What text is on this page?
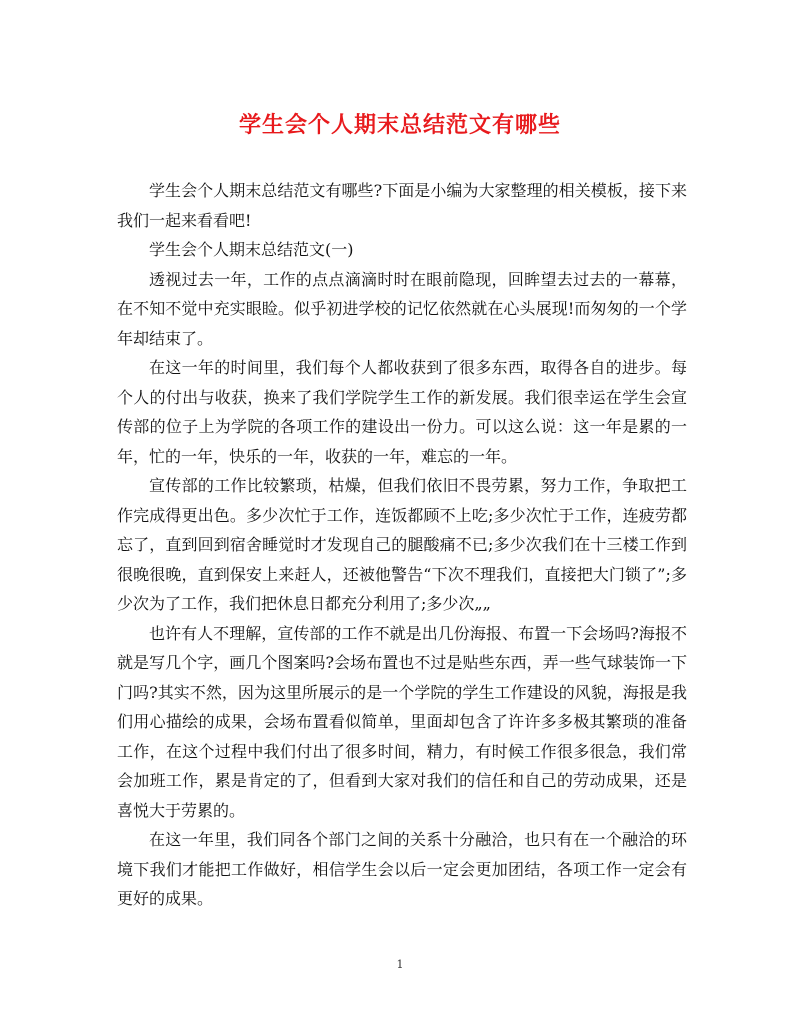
学生会个人期末总结范文有哪些

学生会个人期末总结范文有哪些?下面是小编为大家整理的相关模板，接下来我们一起来看看吧!

学生会个人期末总结范文(一)

透视过去一年，工作的点点滴滴时时在眼前隐现，回眸望去过去的一幕幕，在不知不觉中充实眼睑。似乎初进学校的记忆依然就在心头展现!而匆匆的一个学年却结束了。

在这一年的时间里，我们每个人都收获到了很多东西，取得各自的进步。每个人的付出与收获，换来了我们学院学生工作的新发展。我们很幸运在学生会宣传部的位子上为学院的各项工作的建设出一份力。可以这么说：这一年是累的一年，忙的一年，快乐的一年，收获的一年，难忘的一年。

宣传部的工作比较繁琐，枯燥，但我们依旧不畏劳累，努力工作，争取把工作完成得更出色。多少次忙于工作，连饭都顾不上吃;多少次忙于工作，连疲劳都忘了，直到回到宿舍睡觉时才发现自己的腿酸痛不已;多少次我们在十三楼工作到很晚很晚，直到保安上来赶人，还被他警告“下次不理我们，直接把大门锁了”;多少次为了工作，我们把休息日都充分利用了;多少次„„

也许有人不理解，宣传部的工作不就是出几份海报、布置一下会场吗?海报不就是写几个字，画几个图案吗?会场布置也不过是贴些东西，弄一些气球装饰一下门吗?其实不然，因为这里所展示的是一个学院的学生工作建设的风貌，海报是我们用心描绘的成果，会场布置看似简单，里面却包含了许许多多极其繁琐的准备工作，在这个过程中我们付出了很多时间，精力，有时候工作很多很急，我们常会加班工作，累是肯定的了，但看到大家对我们的信任和自己的劳动成果，还是喜悦大于劳累的。

在这一年里，我们同各个部门之间的关系十分融洽，也只有在一个融洽的环境下我们才能把工作做好，相信学生会以后一定会更加团结，各项工作一定会有更好的成果。

1
